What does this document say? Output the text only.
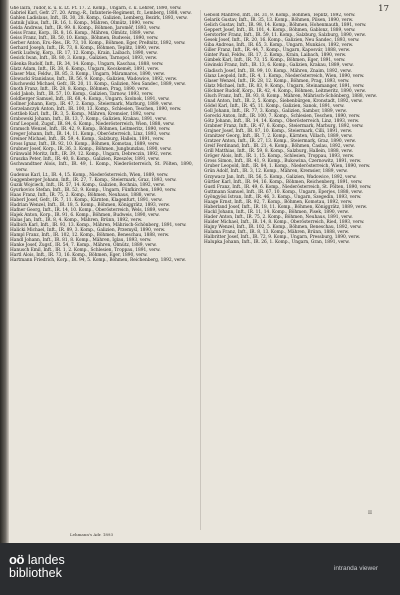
17

Ghe laira, Tudor, k. u. k. Lt. Ft. 17. 2. Komp., Ungarn, c. k. Lehrer, 1890, verw.

Gabriel Karl, Gefr. 27. 20. Armg.-R., Infanterie-Regiment, fr., Lemberg, 1888, verw.

Gahlen Ladislaus, Inft., IR. 30, 28. Komp., Galizien, Lemberg, Bezirk, 1893, verw.

Gatnik Julius, Inft., IR. 16, 1. Komp., Mähren, Olmütz, 1890, verw.

Geida Andreas, Inft., IR. 99. 8. Komp., Böhmen, Jaroměř, 1893, verw.

Geiss Franz, Korp., IR. 8, 16. Komp., Mähren, Olmütz, 1889, verw.

Geiss Franz, Inft., IR. 50, 10. Komp., Böhmen, Budweis, 1890, verw.

Gerber Anton, Ers.-Res., IR. 73, 10. Komp., Böhmen, Eger, Preßnitz, 1892, verw.

Gerhard Joseph, Inft., IR. 73, 8. Komp., Böhmen, Teplitz, 1890, verw.

Gerik Ludwig, Korp., IR. 17, 12. Komp., Krain, Laibach, 1890, verw.

Gesick Iwan, Inft., IR. 80, 3. Komp., Galizien, Tarnopol, 1893, verw.

Gilenka Rudolf, Inft., IR. 34, 14. Komp., Ungarn, Kaschau, 1888, verw.

Glatz Adam, Inft., IR. 38, 6. Komp., Ungarn, Kecskemét, 1891, verw.

Glaser Max, Feldw., IR. 85, 3. Komp., Ungarn, Máramaros, 1890, verw.

Glowacki Stanislaus, Inft., IR. 56, 9. Komp., Galizien, Wadowice, 1892, verw.

Gluchowski Michael, Gefr., IR. 20, 11. Komp., Galizien, Neu Sandec, 1889, verw.

Gnoth Franz, Inft., IR. 28, 8. Komp., Böhmen, Prag, 1890, verw.

Gold Jakob, Inft., IR. 57, 10. Komp., Galizien, Tarnow, 1893, verw.

Goldberger Samuel, Inft., IR. 68, 4. Komp., Ungarn, Szolnok, 1891, verw.

Gollner Johann, Korp., IR. 47, 2. Komp., Steiermark, Marburg, 1889, verw.

Gorzelanczyk Anton, Inft., IR. 100, 13. Komp., Schlesien, Teschen, 1890, verw.

Gottlieb Karl, Inft., IR. 3, 5. Komp., Mähren, Kremsier, 1892, verw.

Grabowski Johann, Inft., IR. 13, 7. Komp., Galizien, Krakau, 1891, verw.

Graf Leopold, Zugsf., IR. 84, 6. Komp., Niederösterreich, Wien, 1888, verw.

Gramsch Wenzel, Inft., IR. 42, 9. Komp., Böhmen, Leitmeritz, 1890, verw.

Greger Johann, Inft., IR. 14, 11. Komp., Oberösterreich, Linz, 1893, verw.

Greiner Michael, Inft., IR. 59, 4. Komp., Salzburg, Hallein, 1891, verw.

Gross Ignaz, Inft., IR. 92, 10. Komp., Böhmen, Komotau, 1889, verw.

Grubner Josef, Korp., IR. 36, 3. Komp., Böhmen, Jungbunzlau, 1890, verw.

Grünwald Moritz, Inft., IR. 39, 12. Komp., Ungarn, Debreczin, 1892, verw.

Gruszka Peter, Inft., IR. 40, 8. Komp., Galizien, Rzeszów, 1891, verw.

Gschwandtner Alois, Inft., IR. 49, 1. Komp., Niederösterreich, St. Pölten, 1890, verw.

Gudenus Karl, Lt., IR. 4, 15. Komp., Niederösterreich, Wien, 1889, verw.

Guggenberger Johann, Inft., IR. 27, 7. Komp., Steiermark, Graz, 1893, verw.

Guzik Wojciech, Inft., IR. 57, 14. Komp., Galizien, Bochnia, 1892, verw.

Gyurkovics Stefan, Inft., IR. 52, 9. Komp., Ungarn, Fünfkirchen, 1890, verw.

Haas Franz, Inft., IR. 75, 2. Komp., Böhmen, Neuhaus, 1888, verw.

Haberl Josef, Gefr., IR. 7, 11. Komp., Kärnten, Klagenfurt, 1891, verw.

Hadrian Wenzel, Inft., IR. 18, 5. Komp., Böhmen, Königgrätz, 1893, verw.

Hafner Georg, Inft., IR. 14, 10. Komp., Oberösterreich, Wels, 1889, verw.

Hajek Anton, Korp., IR. 91, 6. Komp., Böhmen, Budweis, 1890, verw.

Halas Jan, Inft., IR. 8, 4. Komp., Mähren, Brünn, 1892, verw.

Halbich Karl, Inft., IR. 93, 13. Komp., Mähren, Mährisch-Schönberg, 1891, verw.

Halicki Michael, Inft., IR. 89, 3. Komp., Galizien, Przemyśl, 1890, verw.

Hampl Franz, Inft., IR. 102, 12. Komp., Böhmen, Beneschau, 1888, verw.

Handl Johann, Inft., IR. 81, 8. Komp., Mähren, Iglau, 1893, verw.

Hanke Josef, Zugsf., IR. 54, 7. Komp., Mähren, Olmütz, 1889, verw.

Hanusch Emil, Inft., IR. 1, 2. Komp., Schlesien, Troppau, 1891, verw.

Hartl Alois, Inft., IR. 73, 16. Komp., Böhmen, Eger, 1890, verw.

Hartmann Friedrich, Korp., IR. 94, 5. Komp., Böhmen, Reichenberg, 1892, verw.

Gebold Manfred, Inft., IR. 31, 9. Komp., Böhmen, Teplitz, 1892, verw.

Gelarik Gustav, Inft., IR. 35, 13. Komp., Böhmen, Pilsen, 1890, verw.

Gelich Gustav, Inft., IR. 98, 14. Komp., Böhmen, Hohenmauth, 1891, verw.

Geppert Josef, Inft., IR. 101, 4. Komp., Böhmen, Gablonz, 1889, verw.

Gerstorfer Franz, Inft., IR. 59, 11. Komp., Salzburg, Salzburg, 1890, verw.

Gesek Josef, Inft., IR. 20, 16. Komp., Galizien, Neu Sandec, 1893, verw.

Giba Andreas, Inft., IR. 65, 3. Komp., Ungarn, Munkács, 1892, verw.

Giller Franz, Inft., IR. 44, 7. Komp., Ungarn, Kaposvár, 1888, verw.

Ginter Paul, Feldw., IR. 17, 2. Komp., Krain, Laibach, 1890, verw.

Gimbek Karl, Inft., IR. 73, 15. Komp., Böhmen, Eger, 1891, verw.

Giwinski Franz, Inft., IR. 13, 6. Komp., Galizien, Krakau, 1889, verw.

Gladisch Josef, Inft., IR. 99, 10. Komp., Mähren, Znaim, 1892, verw.

Glanz Leopold, Inft., IR. 4, 1. Komp., Niederösterreich, Wien, 1890, verw.

Glaser Wenzel, Inft., IR. 28, 12. Komp., Böhmen, Prag, 1893, verw.

Glatz Michael, Inft., IR. 83, 9. Komp., Ungarn, Steinamanger, 1891, verw.

Glöckner Rudolf, Korp., IR. 42, 4. Komp., Böhmen, Leitmeritz, 1890, verw.

Gluch Franz, Inft., IR. 93, 8. Komp., Mähren, Mährisch-Schönberg, 1888, verw.

Gnad Anton, Inft., IR. 2, 5. Komp., Siebenbürgen, Kronstadt, 1892, verw.

Gödel Karl, Inft., IR. 45, 11. Komp., Galizien, Sanok, 1891, verw.

Goll Johann, Inft., IR. 77, 3. Komp., Galizien, Sambor, 1889, verw.

Gorecki Anton, Inft., IR. 100, 7. Komp., Schlesien, Teschen, 1890, verw.

Götz Johann, Inft., IR. 14, 14. Komp., Oberösterreich, Linz, 1893, verw.

Grabner Franz, Inft., IR. 47, 6. Komp., Steiermark, Marburg, 1892, verw.

Grajner Josef, Inft., IR. 87, 10. Komp., Steiermark, Cilli, 1891, verw.

Granitzer Georg, Inft., IR. 7, 2. Komp., Kärnten, Villach, 1889, verw.

Gratzer Anton, Inft., IR. 27, 13. Komp., Steiermark, Graz, 1890, verw.

Greif Ferdinand, Inft., IR. 21, 4. Komp., Böhmen, Časlau, 1892, verw.

Grill Matthias, Inft., IR. 59, 8. Komp., Salzburg, Hallein, 1888, verw.

Gröger Alois, Inft., IR. 1, 15. Komp., Schlesien, Troppau, 1893, verw.

Gross Simon, Inft., IR. 41, 9. Komp., Bukowina, Czernowitz, 1891, verw.

Gruber Leopold, Inft., IR. 84, 1. Komp., Niederösterreich, Wien, 1890, verw.

Grün Adolf, Inft., IR. 3, 12. Komp., Mähren, Kremsier, 1889, verw.

Grzywacz Jan, Inft., IR. 56, 5. Komp., Galizien, Wadowice, 1892, verw.

Gürtler Karl, Inft., IR. 94, 16. Komp., Böhmen, Reichenberg, 1891, verw.

Gustl Franz, Inft., IR. 49, 6. Komp., Niederösterreich, St. Pölten, 1890, verw.

Guttmann Samuel, Inft., IR. 67, 10. Komp., Ungarn, Eperjes, 1888, verw.

Gyöngyösi Istvan, Inft., IR. 46, 3. Komp., Ungarn, Szegedin, 1893, verw.

Haage Ernst, Inft., IR. 92, 7. Komp., Böhmen, Komotau, 1892, verw.

Haberland Josef, Inft., IR. 18, 11. Komp., Böhmen, Königgrätz, 1889, verw.

Hackl Johann, Inft., IR. 11, 14. Komp., Böhmen, Pisek, 1890, verw.

Hader Anton, Inft., IR. 75, 2. Komp., Böhmen, Neuhaus, 1891, verw.

Haider Michael, Inft., IR. 14, 8. Komp., Oberösterreich, Ried, 1893, verw.

Hajny Wenzel, Inft., IR. 102, 5. Komp., Böhmen, Beneschau, 1892, verw.

Halama Franz, Inft., IR. 8, 13. Komp., Mähren, Brünn, 1888, verw.

Halbritter Josef, Inft., IR. 72, 9. Komp., Ungarn, Pressburg, 1890, verw.

Halupka Johann, Inft., IR. 26, 1. Komp., Ungarn, Gran, 1891, verw.

II
Lehmann's Adr. 1893
oö landes
bibliothek	intranda viewer
